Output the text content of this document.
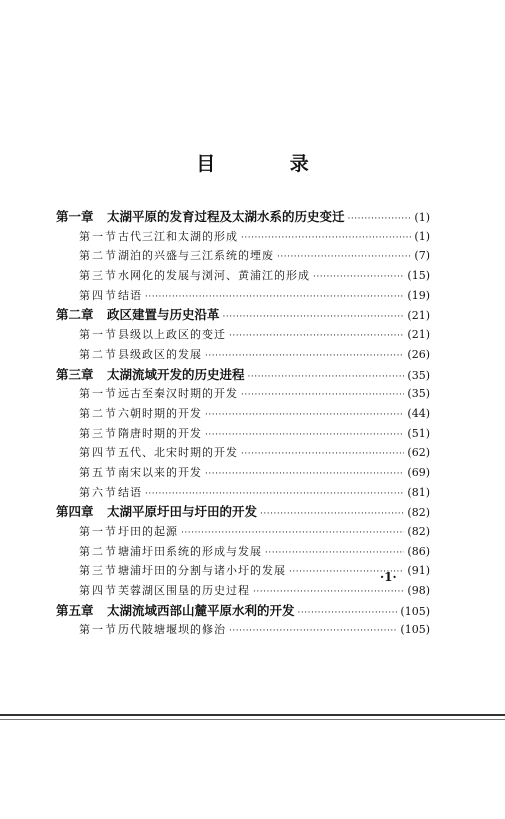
目 录
第一章	太湖平原的发育过程及太湖水系的历史变迁 ·····	(1)
第一节 古代三江和太湖的形成 ·····	(1)
第二节 湖泊的兴盛与三江系统的堙废 ·····	(7)
第三节 水网化的发展与浏河、黄浦江的形成 ·····	(15)
第四节 结语 ·····	(19)
第二章	政区建置与历史沿革 ·····	(21)
第一节 县级以上政区的变迁 ·····	(21)
第二节 县级政区的发展 ·····	(26)
第三章	太湖流域开发的历史进程 ·····	(35)
第一节 远古至秦汉时期的开发 ·····	(35)
第二节 六朝时期的开发 ·····	(44)
第三节 隋唐时期的开发 ·····	(51)
第四节 五代、北宋时期的开发 ·····	(62)
第五节 南宋以来的开发 ·····	(69)
第六节 结语 ·····	(81)
第四章	太湖平原圩田与圩田的开发 ·····	(82)
第一节 圩田的起源 ·····	(82)
第二节 塘浦圩田系统的形成与发展 ·····	(86)
第三节 塘浦圩田的分割与诸小圩的发展 ·····	(91)
第四节 芙蓉湖区围垦的历史过程 ·····	(98)
第五章	太湖流域西部山麓平原水利的开发 ·····	(105)
第一节 历代陂塘堰坝的修治 ·····	(105)
·1·
